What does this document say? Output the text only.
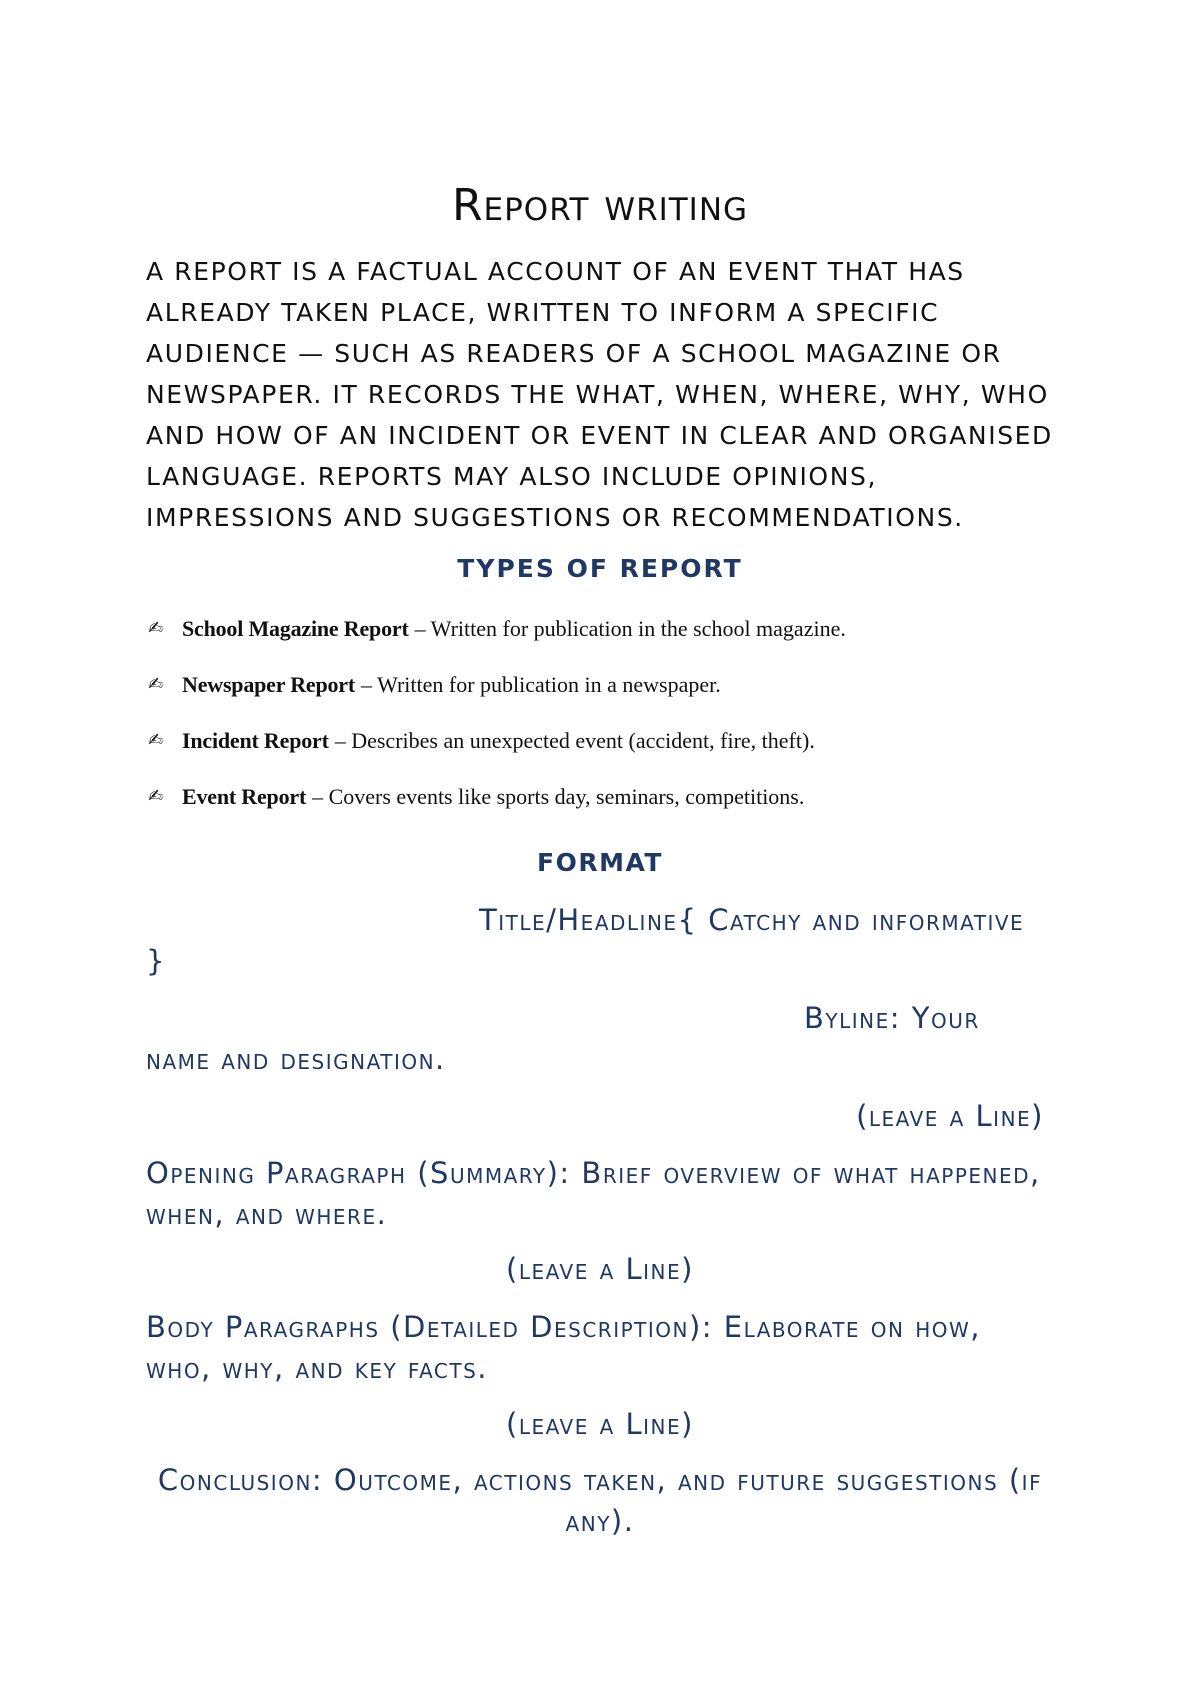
Report writing

A REPORT IS A FACTUAL ACCOUNT OF AN EVENT THAT HAS ALREADY TAKEN PLACE, WRITTEN TO INFORM A SPECIFIC AUDIENCE — SUCH AS READERS OF A SCHOOL MAGAZINE OR NEWSPAPER. IT RECORDS THE WHAT, WHEN, WHERE, WHY, WHO AND HOW OF AN INCIDENT OR EVENT IN CLEAR AND ORGANISED LANGUAGE. REPORTS MAY ALSO INCLUDE OPINIONS, IMPRESSIONS AND SUGGESTIONS OR RECOMMENDATIONS.

TYPES OF REPORT
✍ School Magazine Report – Written for publication in the school magazine.
✍ Newspaper Report – Written for publication in a newspaper.
✍ Incident Report – Describes an unexpected event (accident, fire, theft).
✍ Event Report – Covers events like sports day, seminars, competitions.
FORMAT

Title/Headline{ Catchy and informative }

Byline: Your name and designation.

(leave a Line)

Opening Paragraph (Summary): Brief overview of what happened, when, and where.

(leave a Line)

Body Paragraphs (Detailed Description): Elaborate on how, who, why, and key facts.

(leave a Line)

Conclusion: Outcome, actions taken, and future suggestions (if any).
